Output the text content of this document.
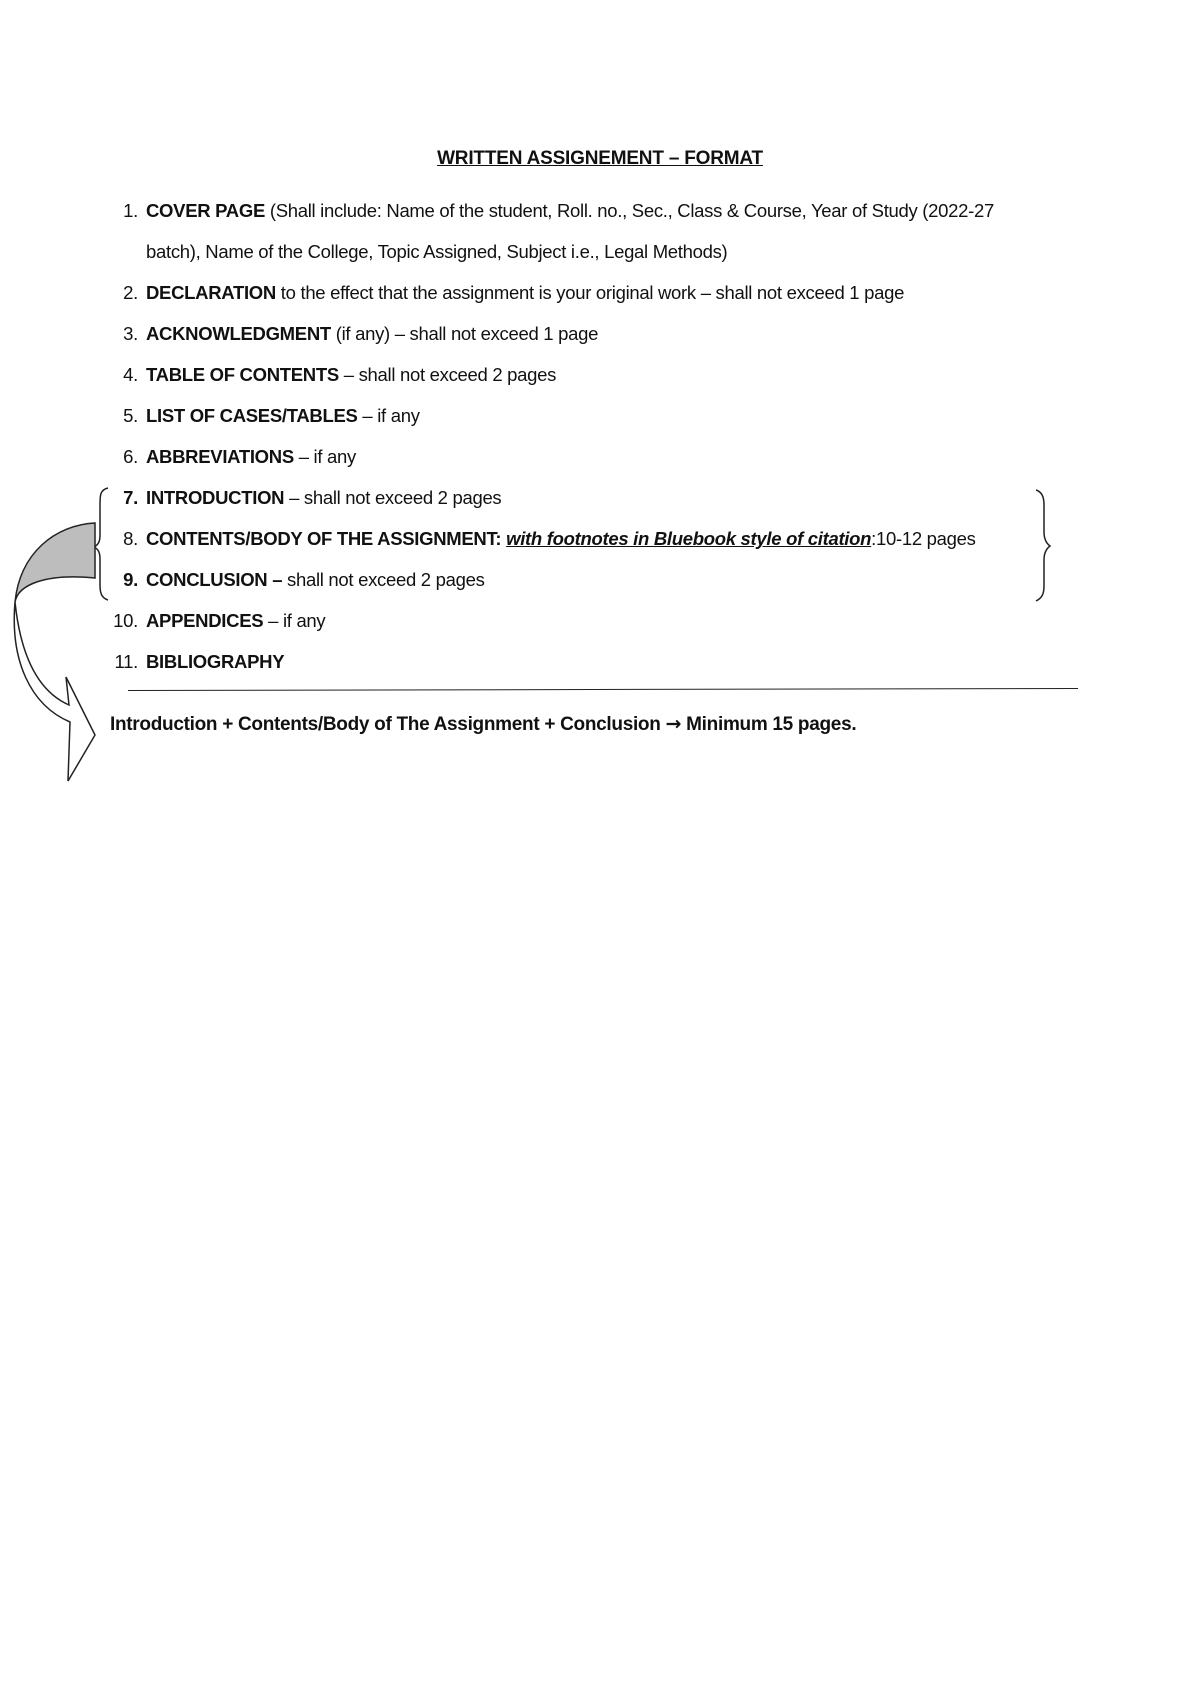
WRITTEN ASSIGNEMENT – FORMAT
1. COVER PAGE (Shall include: Name of the student, Roll. no., Sec., Class & Course, Year of Study (2022-27
batch), Name of the College, Topic Assigned, Subject i.e., Legal Methods)
2. DECLARATION to the effect that the assignment is your original work – shall not exceed 1 page
3. ACKNOWLEDGMENT (if any) – shall not exceed 1 page
4. TABLE OF CONTENTS – shall not exceed 2 pages
5. LIST OF CASES/TABLES – if any
6. ABBREVIATIONS – if any
7. INTRODUCTION – shall not exceed 2 pages
8. CONTENTS/BODY OF THE ASSIGNMENT: with footnotes in Bluebook style of citation:10-12 pages
9. CONCLUSION – shall not exceed 2 pages
10. APPENDICES – if any
11. BIBLIOGRAPHY
Introduction + Contents/Body of The Assignment + Conclusion → Minimum 15 pages.
